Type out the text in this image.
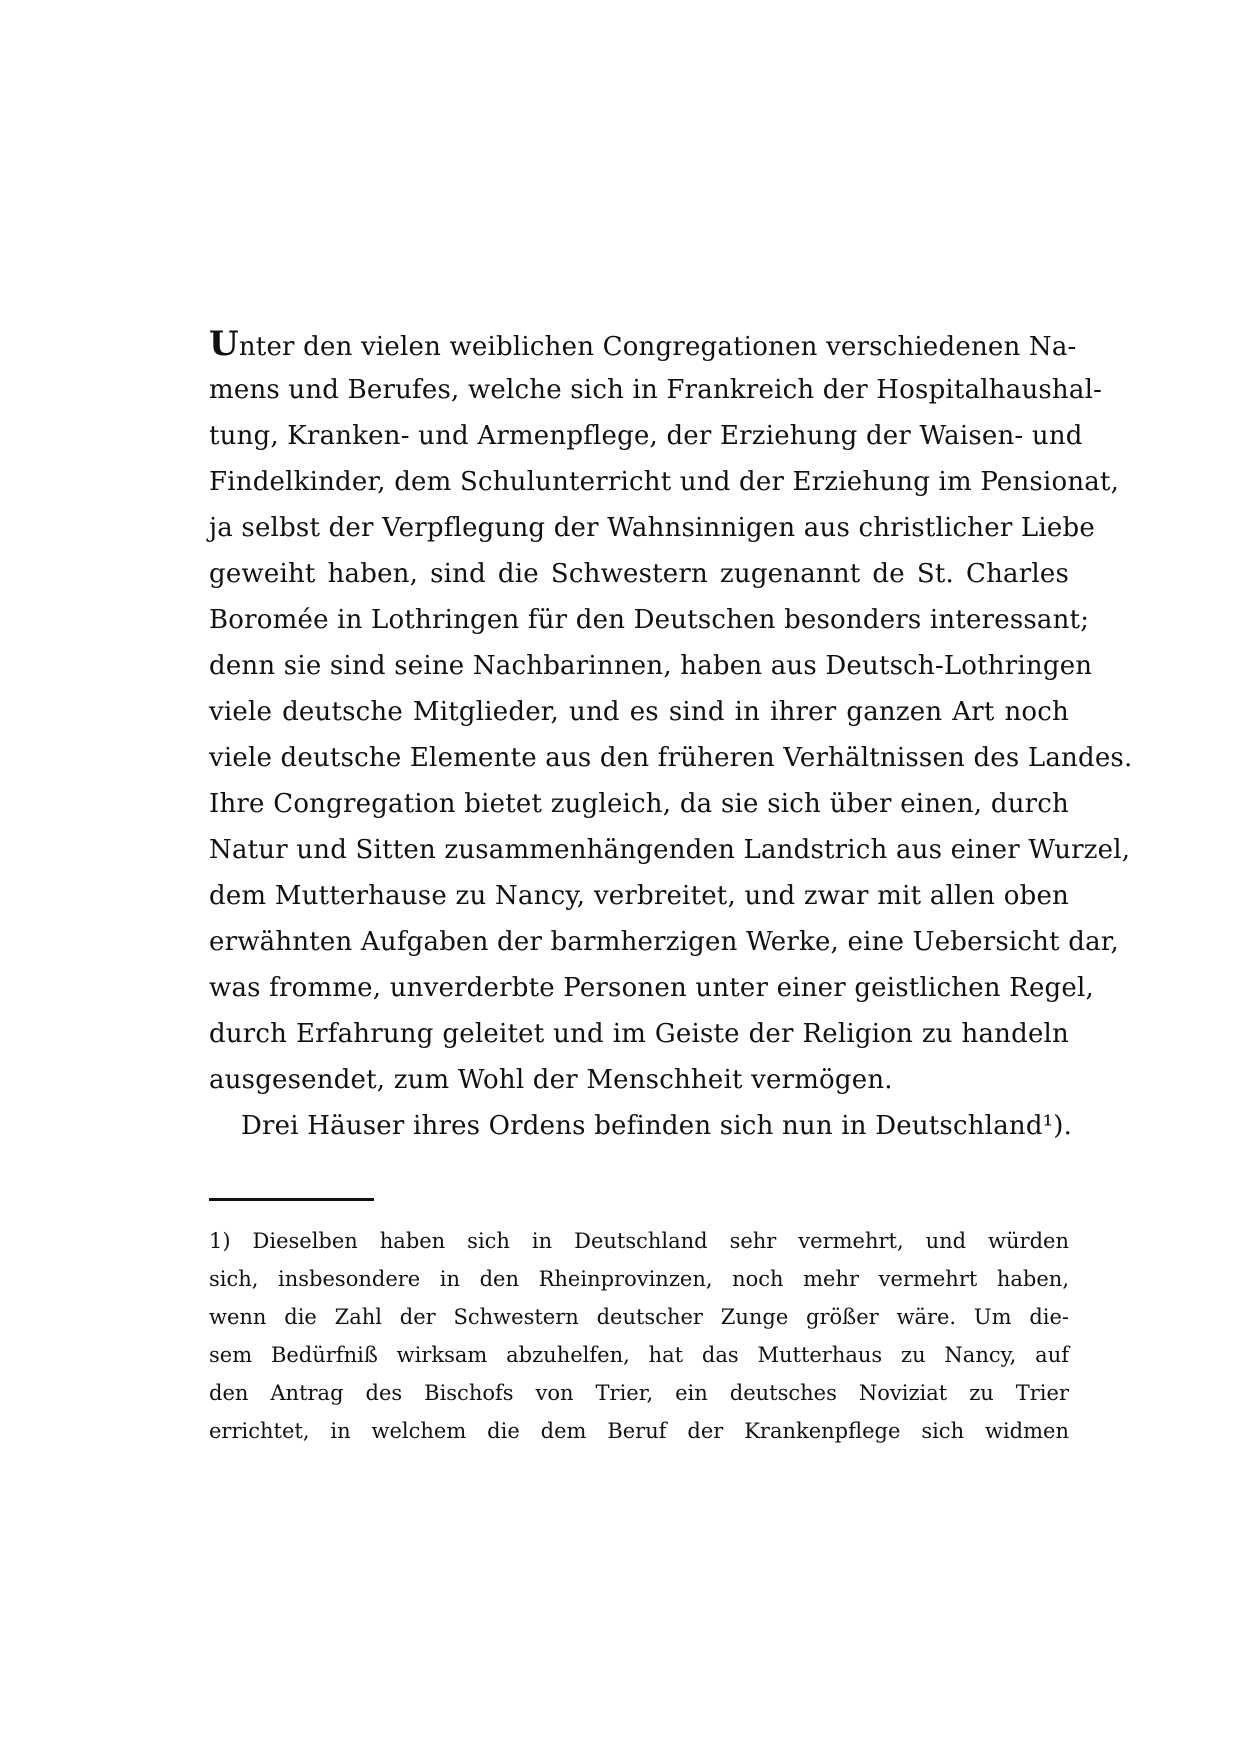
Unter den vielen weiblichen Congregationen verschiedenen Na-
mens und Berufes, welche sich in Frankreich der Hospitalhaushal-
tung, Kranken- und Armenpflege, der Erziehung der Waisen- und
Findelkinder, dem Schulunterricht und der Erziehung im Pensionat,
ja selbst der Verpflegung der Wahnsinnigen aus christlicher Liebe
geweiht haben, sind die Schwestern zugenannt de St. Charles
Boromée in Lothringen für den Deutschen besonders interessant;
denn sie sind seine Nachbarinnen, haben aus Deutsch-Lothringen
viele deutsche Mitglieder, und es sind in ihrer ganzen Art noch
viele deutsche Elemente aus den früheren Verhältnissen des Landes.
Ihre Congregation bietet zugleich, da sie sich über einen, durch
Natur und Sitten zusammenhängenden Landstrich aus einer Wurzel,
dem Mutterhause zu Nancy, verbreitet, und zwar mit allen oben
erwähnten Aufgaben der barmherzigen Werke, eine Uebersicht dar,
was fromme, unverderbte Personen unter einer geistlichen Regel,
durch Erfahrung geleitet und im Geiste der Religion zu handeln
ausgesendet, zum Wohl der Menschheit vermögen.
Drei Häuser ihres Ordens befinden sich nun in Deutschland¹).
1) Dieselben haben sich in Deutschland sehr vermehrt, und würden
sich, insbesondere in den Rheinprovinzen, noch mehr vermehrt haben,
wenn die Zahl der Schwestern deutscher Zunge größer wäre. Um die-
sem Bedürfniß wirksam abzuhelfen, hat das Mutterhaus zu Nancy, auf
den Antrag des Bischofs von Trier, ein deutsches Noviziat zu Trier
errichtet, in welchem die dem Beruf der Krankenpflege sich widmen
